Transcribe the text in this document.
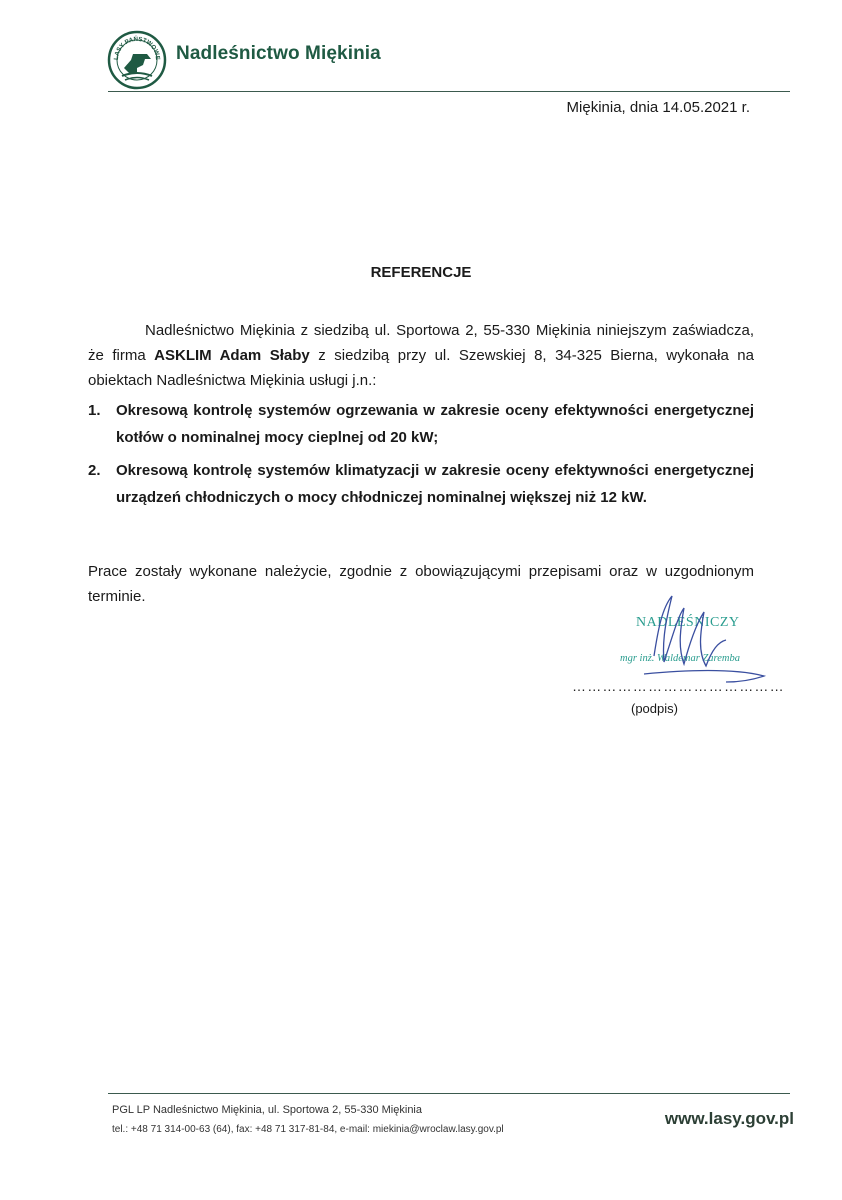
LASY PAŃSTWOWE Nadleśnictwo Miękinia
Miękinia, dnia 14.05.2021 r.
REFERENCJE

Nadleśnictwo Miękinia z siedzibą ul. Sportowa 2, 55-330 Miękinia niniejszym zaświadcza, że firma ASKLIM Adam Słaby z siedzibą przy ul. Szewskiej 8, 34-325 Bierna, wykonała na obiektach Nadleśnictwa Miękinia usługi j.n.:

1. Okresową kontrolę systemów ogrzewania w zakresie oceny efektywności energetycznej kotłów o nominalnej mocy cieplnej od 20 kW;
2. Okresową kontrolę systemów klimatyzacji w zakresie oceny efektywności energetycznej urządzeń chłodniczych o mocy chłodniczej nominalnej większej niż 12 kW.

Prace zostały wykonane należycie, zgodnie z obowiązującymi przepisami oraz w uzgodnionym terminie.

NADLEŚNICZY
mgr inż. Waldemar Zaremba
……………………………………
(podpis)
PGL LP Nadleśnictwo Miękinia, ul. Sportowa 2, 55-330 Miękinia
tel.: +48 71 314-00-63 (64), fax: +48 71 317-81-84, e-mail: miekinia@wroclaw.lasy.gov.pl
www.lasy.gov.pl
